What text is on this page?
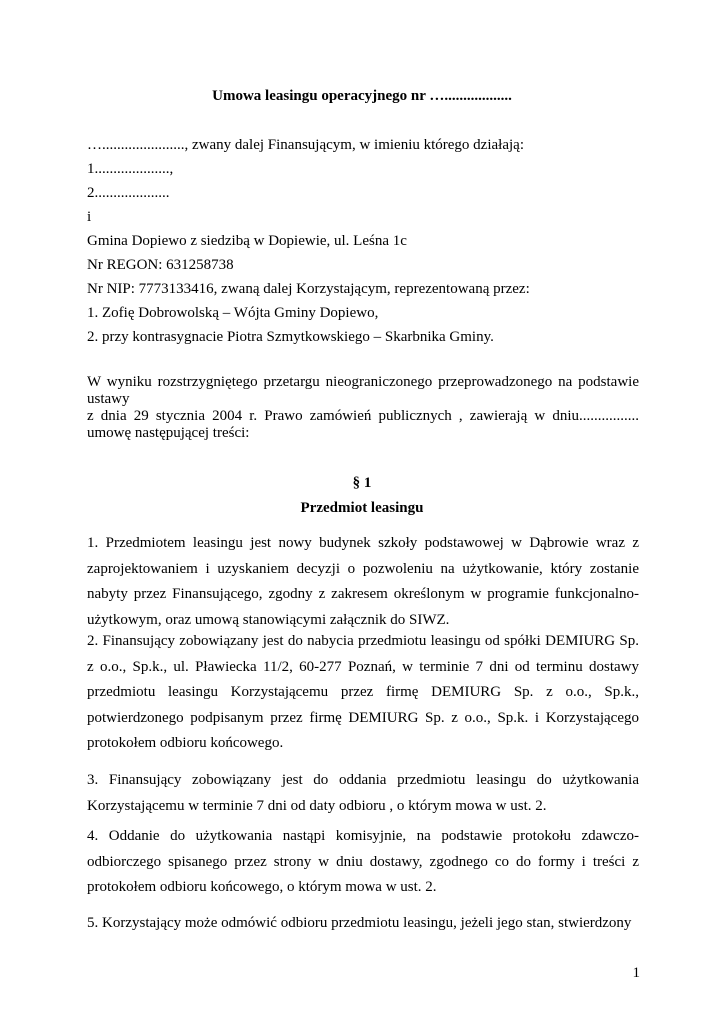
Umowa leasingu operacyjnego nr …..................
…......................, zwany dalej Finansującym, w imieniu którego działają:
1....................,
2....................
i
Gmina Dopiewo z siedzibą w Dopiewie, ul. Leśna 1c
Nr REGON: 631258738
Nr NIP: 7773133416, zwaną dalej Korzystającym, reprezentowaną przez:
1. Zofię Dobrowolską – Wójta Gminy Dopiewo,
2. przy kontrasygnacie Piotra Szmytkowskiego – Skarbnika Gminy.
W wyniku rozstrzygniętego przetargu nieograniczonego przeprowadzonego na podstawie ustawy
z dnia 29 stycznia 2004 r. Prawo zamówień publicznych , zawierają w dniu................ umowę następującej treści:
§ 1
Przedmiot leasingu
1. Przedmiotem leasingu jest nowy budynek szkoły podstawowej w Dąbrowie wraz z zaprojektowaniem i uzyskaniem decyzji o pozwoleniu na użytkowanie, który zostanie nabyty przez Finansującego, zgodny z zakresem określonym w programie funkcjonalno-użytkowym, oraz umową stanowiącymi załącznik do SIWZ.
2. Finansujący zobowiązany jest do nabycia przedmiotu leasingu od spółki DEMIURG Sp. z o.o., Sp.k., ul. Pławiecka 11/2, 60-277 Poznań, w terminie 7 dni od terminu dostawy przedmiotu leasingu Korzystającemu przez firmę DEMIURG Sp. z o.o., Sp.k., potwierdzonego podpisanym przez firmę DEMIURG Sp. z o.o., Sp.k. i Korzystającego protokołem odbioru końcowego.
3. Finansujący zobowiązany jest do oddania przedmiotu leasingu do użytkowania Korzystającemu w terminie 7 dni od daty odbioru , o którym mowa w ust. 2.
4. Oddanie do użytkowania nastąpi komisyjnie, na podstawie protokołu zdawczo-odbiorczego spisanego przez strony w dniu dostawy, zgodnego co do formy i treści z protokołem odbioru końcowego, o którym mowa w ust. 2.
5. Korzystający może odmówić odbioru przedmiotu leasingu, jeżeli jego stan, stwierdzony
1
